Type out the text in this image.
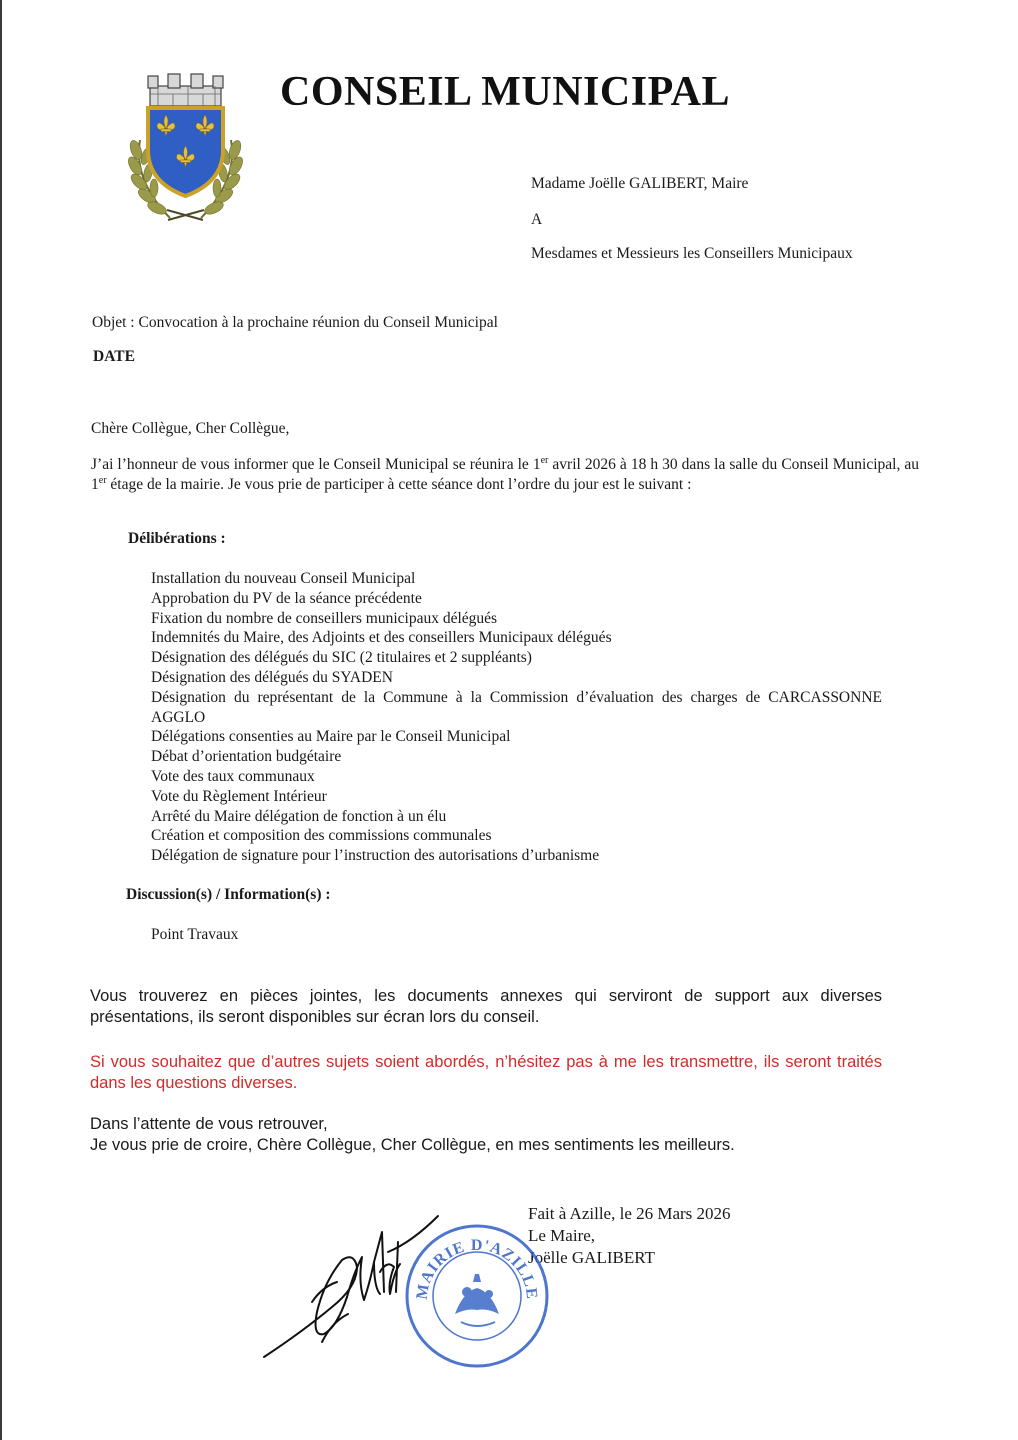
CONSEIL MUNICIPAL
Madame Joëlle GALIBERT, Maire
A
Mesdames et Messieurs les Conseillers Municipaux
Objet : Convocation à la prochaine réunion du Conseil Municipal
DATE
Chère Collègue, Cher Collègue,

J’ai l’honneur de vous informer que le Conseil Municipal se réunira le 1er avril 2026 à 18 h 30 dans la salle du Conseil Municipal, au 1er étage de la mairie. Je vous prie de participer à cette séance dont l’ordre du jour est le suivant :

Délibérations :
Installation du nouveau Conseil Municipal
Approbation du PV de la séance précédente
Fixation du nombre de conseillers municipaux délégués
Indemnités du Maire, des Adjoints et des conseillers Municipaux délégués
Désignation des délégués du SIC (2 titulaires et 2 suppléants)
Désignation des délégués du SYADEN
Désignation du représentant de la Commune à la Commission d’évaluation des charges de CARCASSONNE AGGLO
Délégations consenties au Maire par le Conseil Municipal
Débat d’orientation budgétaire
Vote des taux communaux
Vote du Règlement Intérieur
Arrêté du Maire délégation de fonction à un élu
Création et composition des commissions communales
Délégation de signature pour l’instruction des autorisations d’urbanisme
Discussion(s) / Information(s) :
Point Travaux

Vous trouverez en pièces jointes, les documents annexes qui serviront de support aux diverses présentations, ils seront disponibles sur écran lors du conseil.

Si vous souhaitez que d’autres sujets soient abordés, n’hésitez pas à me les transmettre, ils seront traités dans les questions diverses.

Dans l’attente de vous retrouver,
Je vous prie de croire, Chère Collègue, Cher Collègue, en mes sentiments les meilleurs.
Fait à Azille, le 26 Mars 2026
Le Maire,
Joëlle GALIBERT
MAIRIE D'AZILLE
